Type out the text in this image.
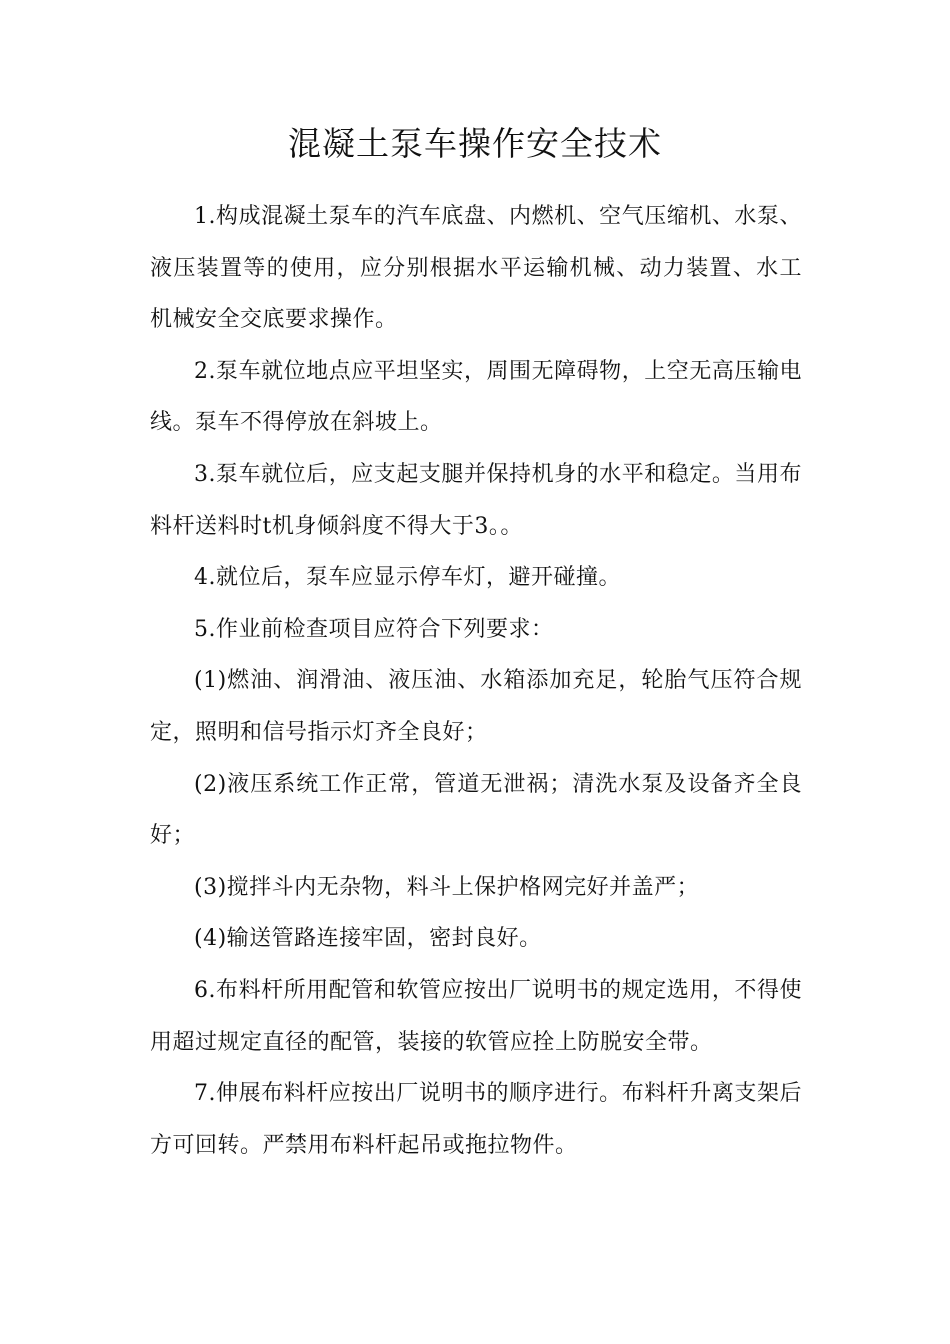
混凝土泵车操作安全技术

1.构成混凝土泵车的汽车底盘、内燃机、空气压缩机、水泵、液压装置等的使用，应分别根据水平运输机械、动力装置、水工机械安全交底要求操作。

2.泵车就位地点应平坦坚实，周围无障碍物，上空无高压输电线。泵车不得停放在斜坡上。

3.泵车就位后，应支起支腿并保持机身的水平和稳定。当用布料杆送料时t机身倾斜度不得大于3。。

4.就位后，泵车应显示停车灯，避开碰撞。

5.作业前检查项目应符合下列要求：

(1)燃油、润滑油、液压油、水箱添加充足，轮胎气压符合规定，照明和信号指示灯齐全良好；

(2)液压系统工作正常，管道无泄祸；清洗水泵及设备齐全良好；

(3)搅拌斗内无杂物，料斗上保护格网完好并盖严；

(4)输送管路连接牢固，密封良好。

6.布料杆所用配管和软管应按出厂说明书的规定选用，不得使用超过规定直径的配管，装接的软管应拴上防脱安全带。

7.伸展布料杆应按出厂说明书的顺序进行。布料杆升离支架后方可回转。严禁用布料杆起吊或拖拉物件。
